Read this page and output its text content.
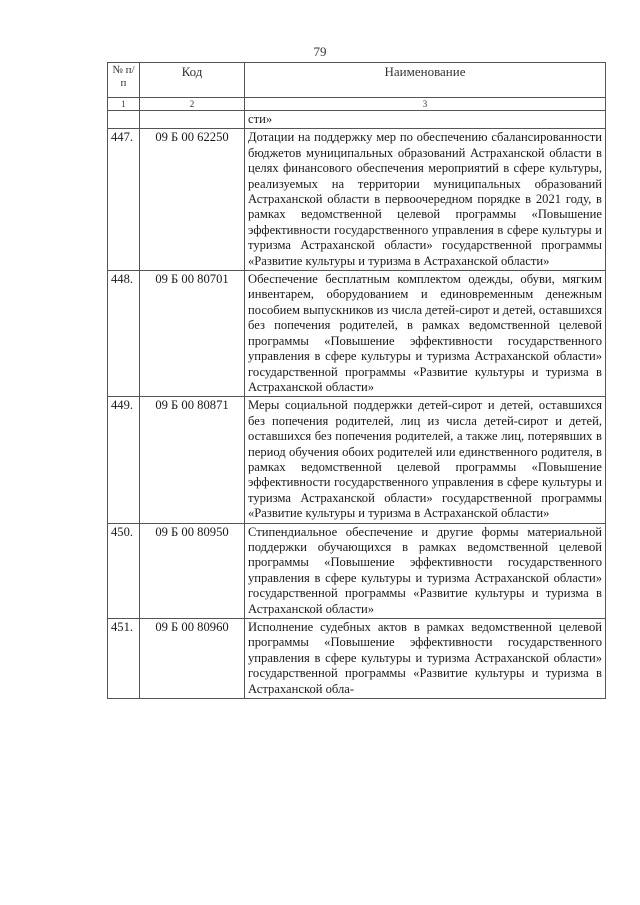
79
№ п/п	Код	Наименование
1	2	3
		сти»
447.	09 Б 00 62250	Дотации на поддержку мер по обеспечению сбалансированности бюджетов муниципальных образований Астраханской области в целях финансового обеспечения мероприятий в сфере культуры, реализуемых на территории муниципальных образований Астраханской области в первоочередном порядке в 2021 году, в рамках ведомственной целевой программы «Повышение эффективности государственного управления в сфере культуры и туризма Астраханской области» государственной программы «Развитие культуры и туризма в Астраханской области»
448.	09 Б 00 80701	Обеспечение бесплатным комплектом одежды, обуви, мягким инвентарем, оборудованием и единовременным денежным пособием выпускников из числа детей-сирот и детей, оставшихся без попечения родителей, в рамках ведомственной целевой программы «Повышение эффективности государственного управления в сфере культуры и туризма Астраханской области» государственной программы «Развитие культуры и туризма в Астраханской области»
449.	09 Б 00 80871	Меры социальной поддержки детей-сирот и детей, оставшихся без попечения родителей, лиц из числа детей-сирот и детей, оставшихся без попечения родителей, а также лиц, потерявших в период обучения обоих родителей или единственного родителя, в рамках ведомственной целевой программы «Повышение эффективности государственного управления в сфере культуры и туризма Астраханской области» государственной программы «Развитие культуры и туризма в Астраханской области»
450.	09 Б 00 80950	Стипендиальное обеспечение и другие формы материальной поддержки обучающихся в рамках ведомственной целевой программы «Повышение эффективности государственного управления в сфере культуры и туризма Астраханской области» государственной программы «Развитие культуры и туризма в Астраханской области»
451.	09 Б 00 80960	Исполнение судебных актов в рамках ведомственной целевой программы «Повышение эффективности государственного управления в сфере культуры и туризма Астраханской области» государственной программы «Развитие культуры и туризма в Астраханской обла-
